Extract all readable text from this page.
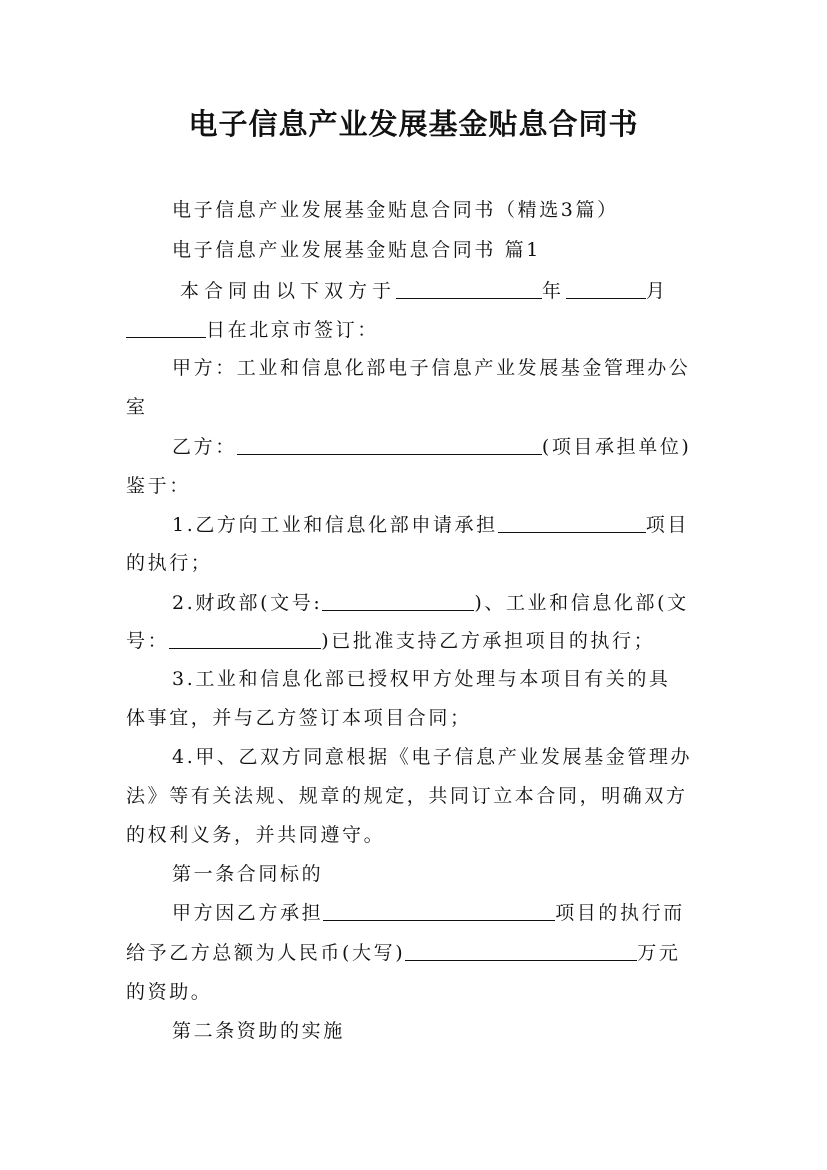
电子信息产业发展基金贴息合同书
电子信息产业发展基金贴息合同书（精选3篇）
电子信息产业发展基金贴息合同书 篇1
本合同由以下双方于	年	月
日在北京市签订：
甲方：工业和信息化部电子信息产业发展基金管理办公
室
乙方：	(项目承担单位)
鉴于：
1.乙方向工业和信息化部申请承担	项目
的执行；
2.财政部(文号:	)、工业和信息化部(文
号：	)已批准支持乙方承担项目的执行；
3.工业和信息化部已授权甲方处理与本项目有关的具
体事宜，并与乙方签订本项目合同；
4.甲、乙双方同意根据《电子信息产业发展基金管理办
法》等有关法规、规章的规定，共同订立本合同，明确双方
的权利义务，并共同遵守。
第一条合同标的
甲方因乙方承担	项目的执行而
给予乙方总额为人民币(大写)	万元
的资助。
第二条资助的实施
